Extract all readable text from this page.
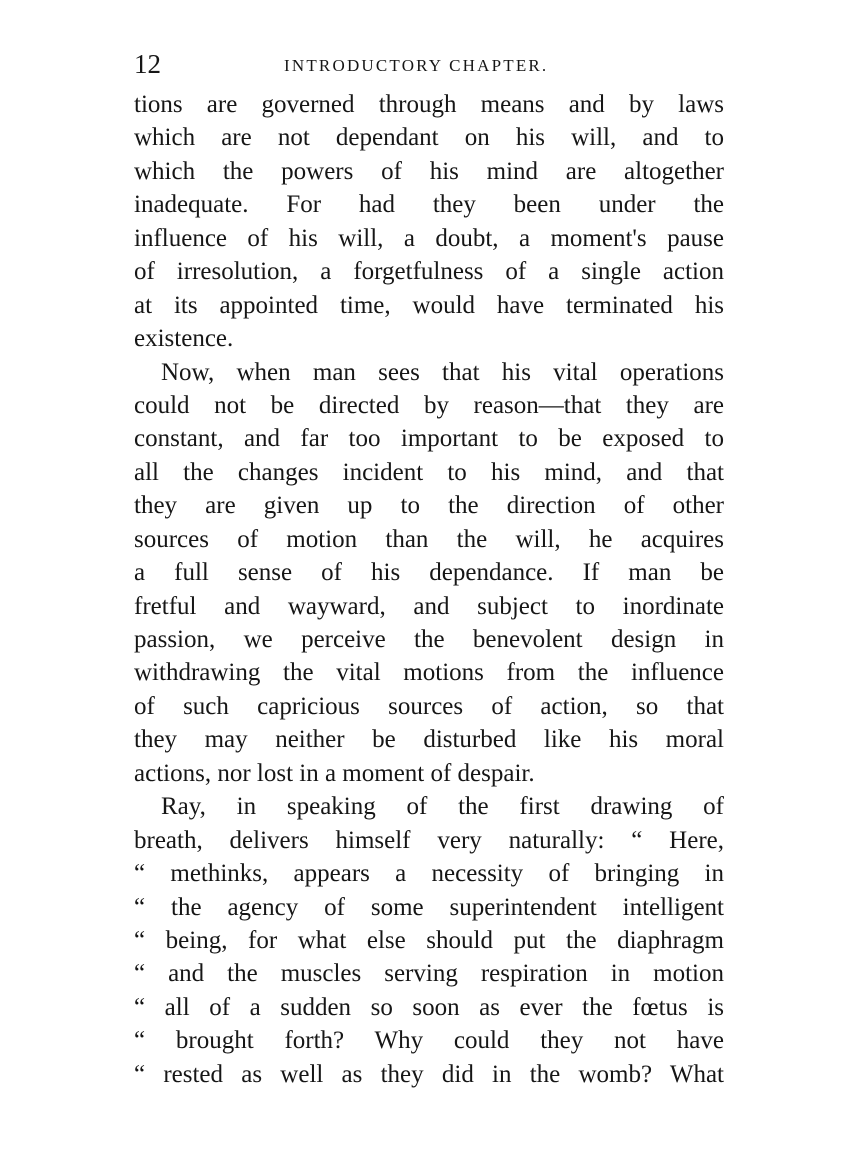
12	INTRODUCTORY CHAPTER.
tions are governed through means and by laws
which are not dependant on his will, and to
which the powers of his mind are altogether
inadequate. For had they been under the
influence of his will, a doubt, a moment's pause
of irresolution, a forgetfulness of a single action
at its appointed time, would have terminated his
existence.
Now, when man sees that his vital operations
could not be directed by reason—that they are
constant, and far too important to be exposed to
all the changes incident to his mind, and that
they are given up to the direction of other
sources of motion than the will, he acquires
a full sense of his dependance. If man be
fretful and wayward, and subject to inordinate
passion, we perceive the benevolent design in
withdrawing the vital motions from the influence
of such capricious sources of action, so that
they may neither be disturbed like his moral
actions, nor lost in a moment of despair.
Ray, in speaking of the first drawing of
breath, delivers himself very naturally: “ Here,
“ methinks, appears a necessity of bringing in
“ the agency of some superintendent intelligent
“ being, for what else should put the diaphragm
“ and the muscles serving respiration in motion
“ all of a sudden so soon as ever the fœtus is
“ brought forth? Why could they not have
“ rested as well as they did in the womb? What
